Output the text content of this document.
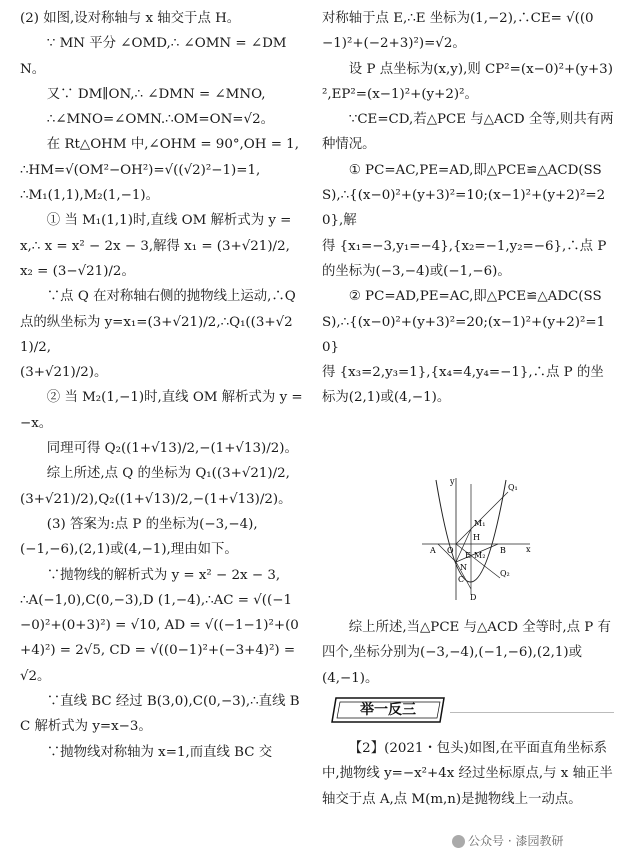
(2) 如图,设对称轴与 x 轴交于点 H。

∵ MN 平分 ∠OMD,∴ ∠OMN = ∠DMN。

又∵ DM∥ON,∴ ∠DMN = ∠MNO,

∴∠MNO=∠OMN.∴OM=ON=√2。

在 Rt△OHM 中,∠OHM = 90°,OH = 1,∴HM=√(OM²−OH²)=√((√2)²−1)=1,

∴M₁(1,1),M₂(1,−1)。

① 当 M₁(1,1)时,直线 OM 解析式为 y = x,∴ x = x² − 2x − 3,解得 x₁ = (3+√21)/2,

x₂ = (3−√21)/2。

∵点 Q 在对称轴右侧的抛物线上运动,∴Q 点的纵坐标为 y=x₁=(3+√21)/2,∴Q₁((3+√21)/2,

(3+√21)/2)。

② 当 M₂(1,−1)时,直线 OM 解析式为 y = −x。

同理可得 Q₂((1+√13)/2,−(1+√13)/2)。

综上所述,点 Q 的坐标为 Q₁((3+√21)/2,

(3+√21)/2),Q₂((1+√13)/2,−(1+√13)/2)。

(3) 答案为:点 P 的坐标为(−3,−4),(−1,−6),(2,1)或(4,−1),理由如下。

∵抛物线的解析式为 y = x² − 2x − 3,

∴A(−1,0),C(0,−3),D (1,−4),∴AC = √((−1−0)²+(0+3)²) = √10, AD = √((−1−1)²+(0+4)²) = 2√5, CD = √((0−1)²+(−3+4)²) = √2。

∵直线 BC 经过 B(3,0),C(0,−3),∴直线 BC 解析式为 y=x−3。

∵抛物线对称轴为 x=1,而直线 BC 交

对称轴于点 E,∴E 坐标为(1,−2),∴CE= √((0−1)²+(−2+3)²)=√2。

设 P 点坐标为(x,y),则 CP²=(x−0)²+(y+3)²,EP²=(x−1)²+(y+2)²。

∵CE=CD,若△PCE 与△ACD 全等,则共有两种情况。

① PC=AC,PE=AD,即△PCE≌△ACD(SSS),∴{(x−0)²+(y+3)²=10;(x−1)²+(y+2)²=20},解

得 {x₁=−3,y₁=−4},{x₂=−1,y₂=−6},∴点 P 的坐标为(−3,−4)或(−1,−6)。

② PC=AD,PE=AC,即△PCE≌△ADC(SSS),∴{(x−0)²+(y+3)²=20;(x−1)²+(y+2)²=10}

得 {x₃=2,y₃=1},{x₄=4,y₄=−1},∴点 P 的坐标为(2,1)或(4,−1)。

综上所述,当△PCE 与△ACD 全等时,点 P 有四个,坐标分别为(−3,−4),(−1,−6),(2,1)或(4,−1)。

y
x
O
A	B
H
M₁
M₂
N
C
D
E
Q₁
Q₂
举一反三

【2】(2021・包头)如图,在平面直角坐标系中,抛物线 y=−x²+4x 经过坐标原点,与 x 轴正半轴交于点 A,点 M(m,n)是抛物线上一动点。

公众号 · 漆园教研
